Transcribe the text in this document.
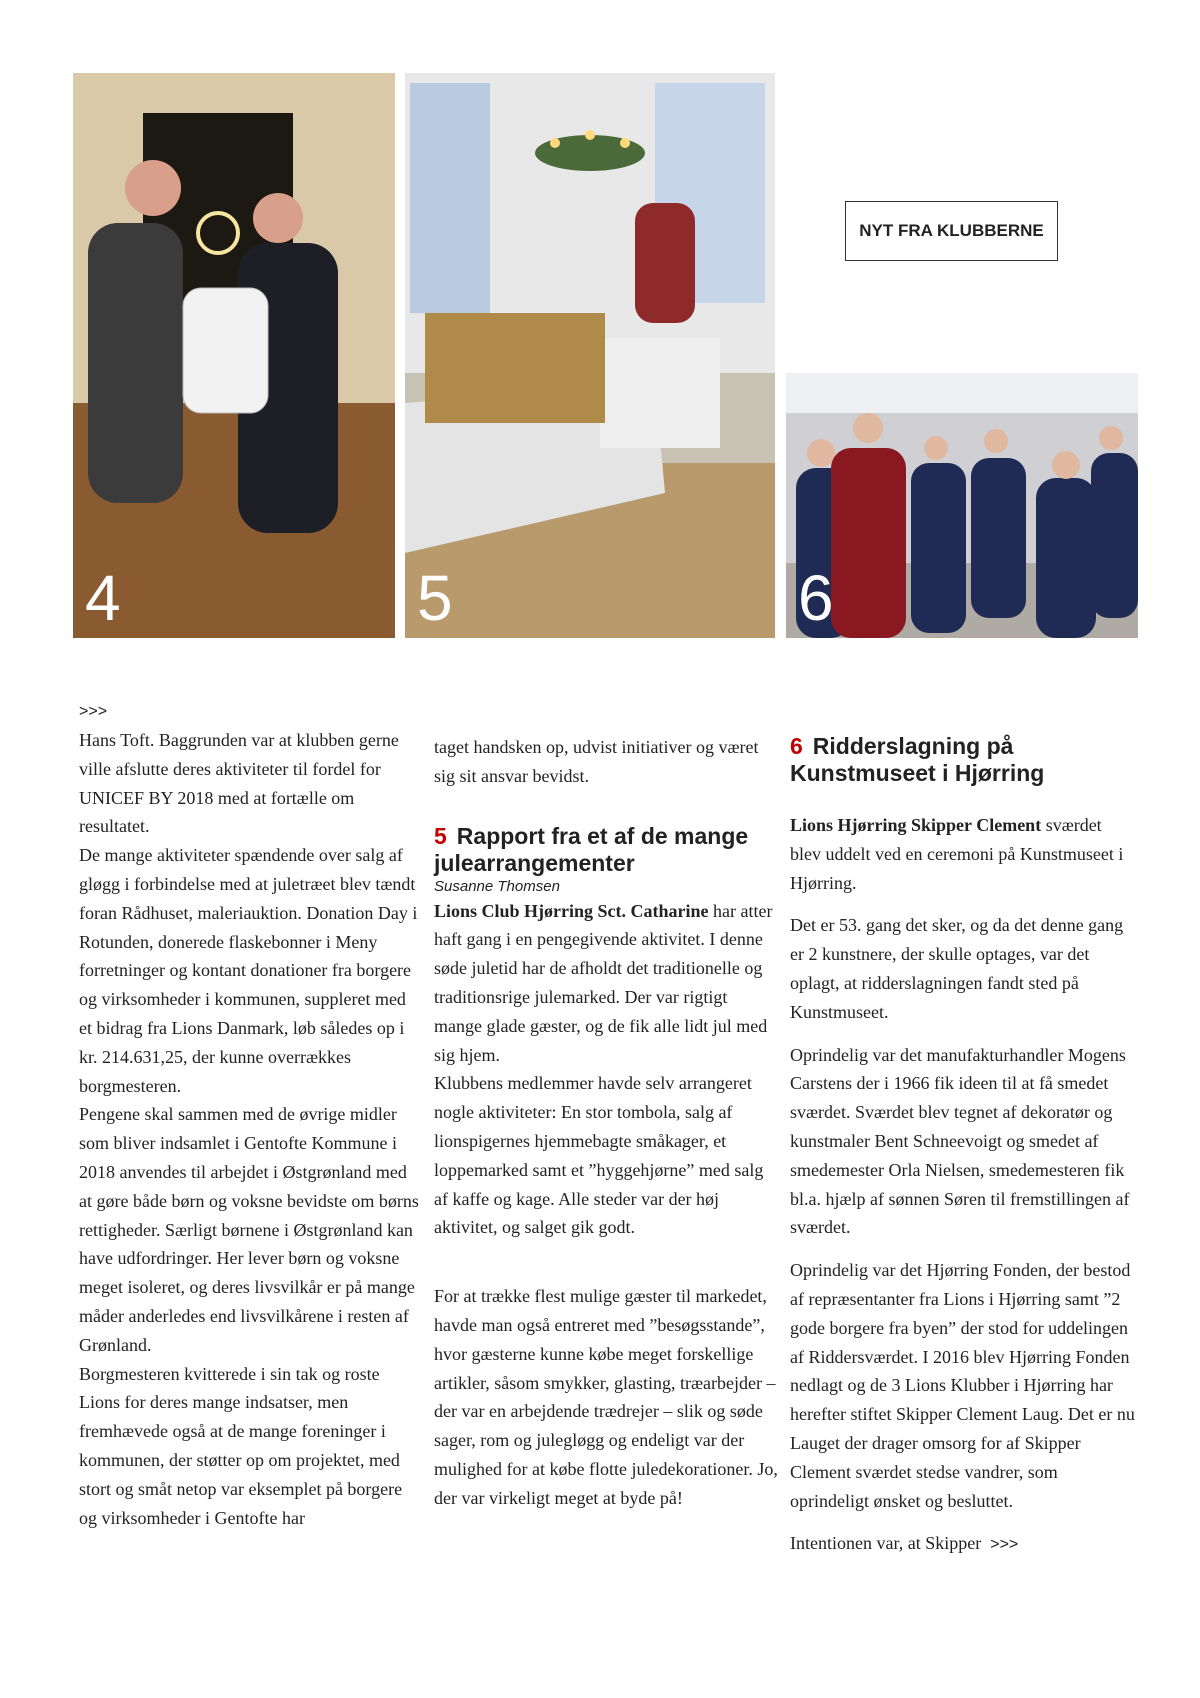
4	5	6
NYT FRA KLUBBERNE

>>>

Hans Toft. Baggrunden var at klubben gerne ville afslutte deres aktiviteter til fordel for UNICEF BY 2018 med at fortælle om resultatet.

De mange aktiviteter spændende over salg af gløgg i forbindelse med at juletræet blev tændt foran Rådhuset, maleriauktion. Donation Day i Rotunden, donerede flaskebonner i Meny forretninger og kontant donationer fra borgere og virksomheder i kommunen, suppleret med et bidrag fra Lions Danmark, løb således op i kr. 214.631,25, der kunne overrækkes borgmesteren.

Pengene skal sammen med de øvrige midler som bliver indsamlet i Gentofte Kommune i 2018 anvendes til arbejdet i Østgrønland med at gøre både børn og voksne bevidste om børns rettigheder. Særligt børnene i Østgrønland kan have udfordringer. Her lever børn og voksne meget isoleret, og deres livsvilkår er på mange måder anderledes end livsvilkårene i resten af Grønland.

Borgmesteren kvitterede i sin tak og roste Lions for deres mange indsatser, men fremhævede også at de mange foreninger i kommunen, der støtter op om projektet, med stort og småt netop var eksemplet på borgere og virksomheder i Gentofte har

taget handsken op, udvist initiativer og været sig sit ansvar bevidst.

5 Rapport fra et af de mange julearrangementer

Susanne Thomsen

Lions Club Hjørring Sct. Catharine har atter haft gang i en pengegivende aktivitet. I denne søde juletid har de afholdt det traditionelle og traditionsrige julemarked. Der var rigtigt mange glade gæster, og de fik alle lidt jul med sig hjem.

Klubbens medlemmer havde selv arrangeret nogle aktiviteter: En stor tombola, salg af lionspigernes hjemmebagte småkager, et loppemarked samt et ”hyggehjørne” med salg af kaffe og kage. Alle steder var der høj aktivitet, og salget gik godt.

For at trække flest mulige gæster til markedet, havde man også entreret med ”besøgsstande”, hvor gæsterne kunne købe meget forskellige artikler, såsom smykker, glasting, træarbejder – der var en arbejdende trædrejer – slik og søde sager, rom og julegløgg og endeligt var der mulighed for at købe flotte juledekorationer. Jo, der var virkeligt meget at byde på!

6 Ridderslagning på Kunstmuseet i Hjørring

Lions Hjørring Skipper Clement sværdet blev uddelt ved en ceremoni på Kunstmuseet i Hjørring.

Det er 53. gang det sker, og da det denne gang er 2 kunstnere, der skulle optages, var det oplagt, at ridderslagningen fandt sted på Kunstmuseet.

Oprindelig var det manufakturhandler Mogens Carstens der i 1966 fik ideen til at få smedet sværdet. Sværdet blev tegnet af dekoratør og kunstmaler Bent Schneevoigt og smedet af smedemester Orla Nielsen, smedemesteren fik bl.a. hjælp af sønnen Søren til fremstillingen af sværdet.

Oprindelig var det Hjørring Fonden, der bestod af repræsentanter fra Lions i Hjørring samt ”2 gode borgere fra byen” der stod for uddelingen af Riddersværdet. I 2016 blev Hjørring Fonden nedlagt og de 3 Lions Klubber i Hjørring har herefter stiftet Skipper Clement Laug. Det er nu Lauget der drager omsorg for af Skipper Clement sværdet stedse vandrer, som oprindeligt ønsket og besluttet.

Intentionen var, at Skipper >>>
